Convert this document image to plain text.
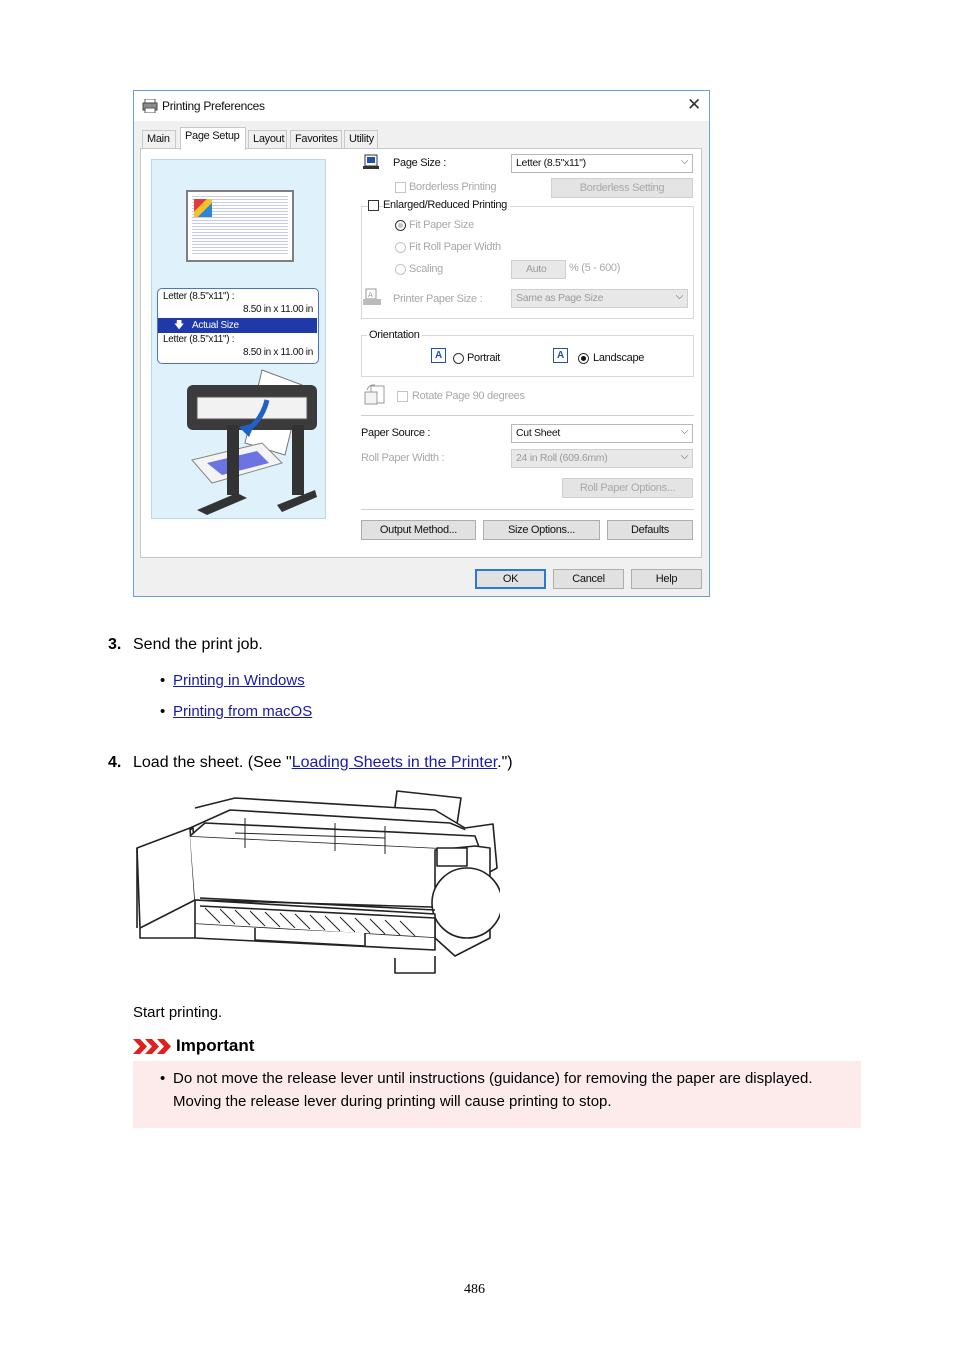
Printing Preferences	✕
Main	Page Setup	Layout Favorites	Utility
Letter (8.5"x11") :
8.50 in x 11.00 in
🡇 Actual Size
Letter (8.5"x11") :
8.50 in x 11.00 in
Page Size :	Letter (8.5"x11")	⌵
Borderless Printing	Borderless Setting
Enlarged/Reduced Printing
Fit Paper Size
Fit Roll Paper Width
Scaling	Auto % (5 - 600)
A Printer Paper Size :	Same as Page Size	⌵
Orientation
A	Portrait	A	Landscape
Rotate Page 90 degrees
Paper Source :	Cut Sheet	⌵
Roll Paper Width :	24 in Roll (609.6mm)	⌵
Roll Paper Options...
Output Method...	Size Options...	Defaults
OK	Cancel	Help
3. Send the print job.
• Printing in Windows
• Printing from macOS
4. Load the sheet. (See "Loading Sheets in the Printer.")
Start printing.
Important
• Do not move the release lever until instructions (guidance) for removing the paper are displayed.
Moving the release lever during printing will cause printing to stop.
486
